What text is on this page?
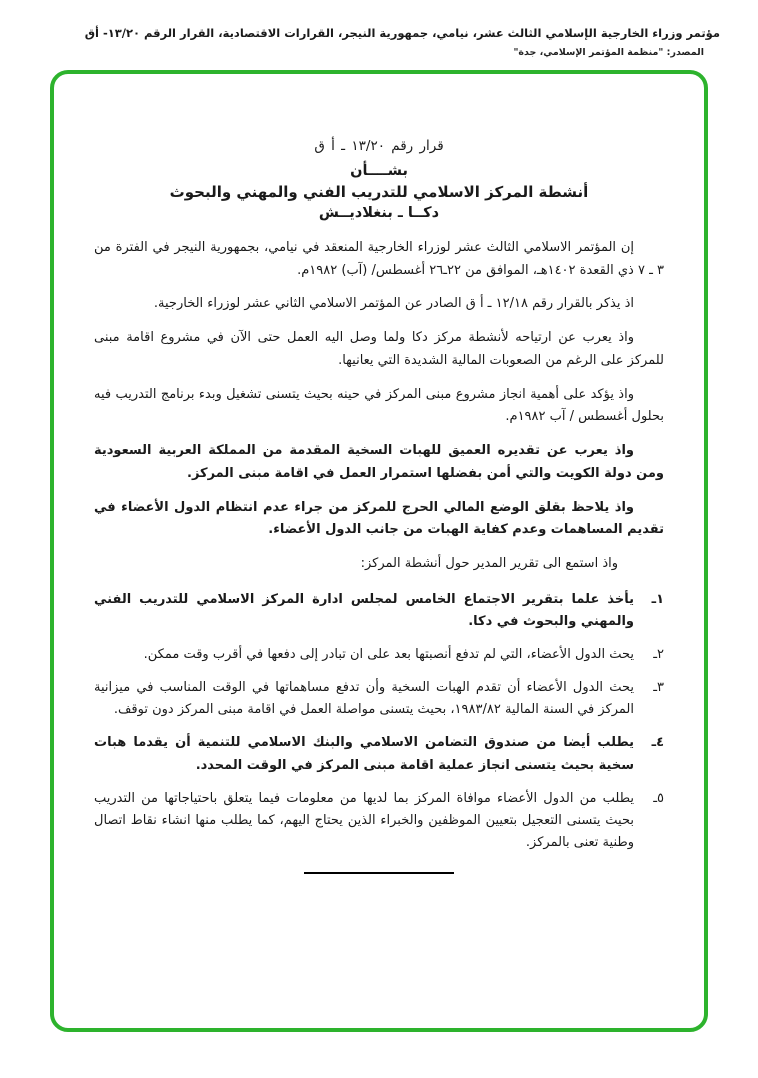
مؤتمر وزراء الخارجية الإسلامي الثالث عشر، نيامي، جمهورية النيجر، القرارات الاقتصادية، القرار الرقم ١٣/٢٠- أق
المصدر: "منظمة المؤتمر الإسلامي، جدة"
قرار رقم ١٣/٢٠ ـ أ ق
بشــــأن
أنشطة المركز الاسلامي للتدريب الفني والمهني والبحوث
دكــا ـ بنغلاديــش

إن المؤتمر الاسلامي الثالث عشر لوزراء الخارجية المنعقد في نيامي، بجمهورية النيجر في الفترة من ٣ ـ ٧ ذي القعدة ١٤٠٢هـ، الموافق من ٢٢ـ٢٦ أغسطس/ (آب) ١٩٨٢م.

اذ يذكر بالقرار رقم ١٢/١٨ ـ أ ق الصادر عن المؤتمر الاسلامي الثاني عشر لوزراء الخارجية.

واذ يعرب عن ارتياحه لأنشطة مركز دكا ولما وصل اليه العمل حتى الآن في مشروع اقامة مبنى للمركز على الرغم من الصعوبات المالية الشديدة التي يعانيها.

واذ يؤكد على أهمية انجاز مشروع مبنى المركز في حينه بحيث يتسنى تشغيل وبدء برنامج التدريب فيه بحلول أغسطس / آب ١٩٨٢م.

واذ يعرب عن تقديره العميق للهبات السخية المقدمة من المملكة العربية السعودية ومن دولة الكويت والتي أمن بفضلها استمرار العمل في اقامة مبنى المركز.

واذ يلاحظ بقلق الوضع المالي الحرج للمركز من جراء عدم انتظام الدول الأعضاء في تقديم المساهمات وعدم كفاية الهبات من جانب الدول الأعضاء.

واذ استمع الى تقرير المدير حول أنشطة المركز:

١ـ
يأخذ علما بتقرير الاجتماع الخامس لمجلس ادارة المركز الاسلامي للتدريب الفني والمهني والبحوث في دكا.
٢ـ
يحث الدول الأعضاء، التي لم تدفع أنصبتها بعد على ان تبادر إلى دفعها في أقرب وقت ممكن.
٣ـ
يحث الدول الأعضاء أن تقدم الهبات السخية وأن تدفع مساهماتها في الوقت المناسب في ميزانية المركز في السنة المالية ١٩٨٣/٨٢، بحيث يتسنى مواصلة العمل في اقامة مبنى المركز دون توقف.
٤ـ
يطلب أيضا من صندوق التضامن الاسلامي والبنك الاسلامي للتنمية أن يقدما هبات سخية بحيث يتسنى انجاز عملية اقامة مبنى المركز في الوقت المحدد.
٥ـ
يطلب من الدول الأعضاء موافاة المركز بما لديها من معلومات فيما يتعلق باحتياجاتها من التدريب بحيث يتسنى التعجيل بتعيين الموظفين والخبراء الذين يحتاج اليهم، كما يطلب منها انشاء نقاط اتصال وطنية تعنى بالمركز.
